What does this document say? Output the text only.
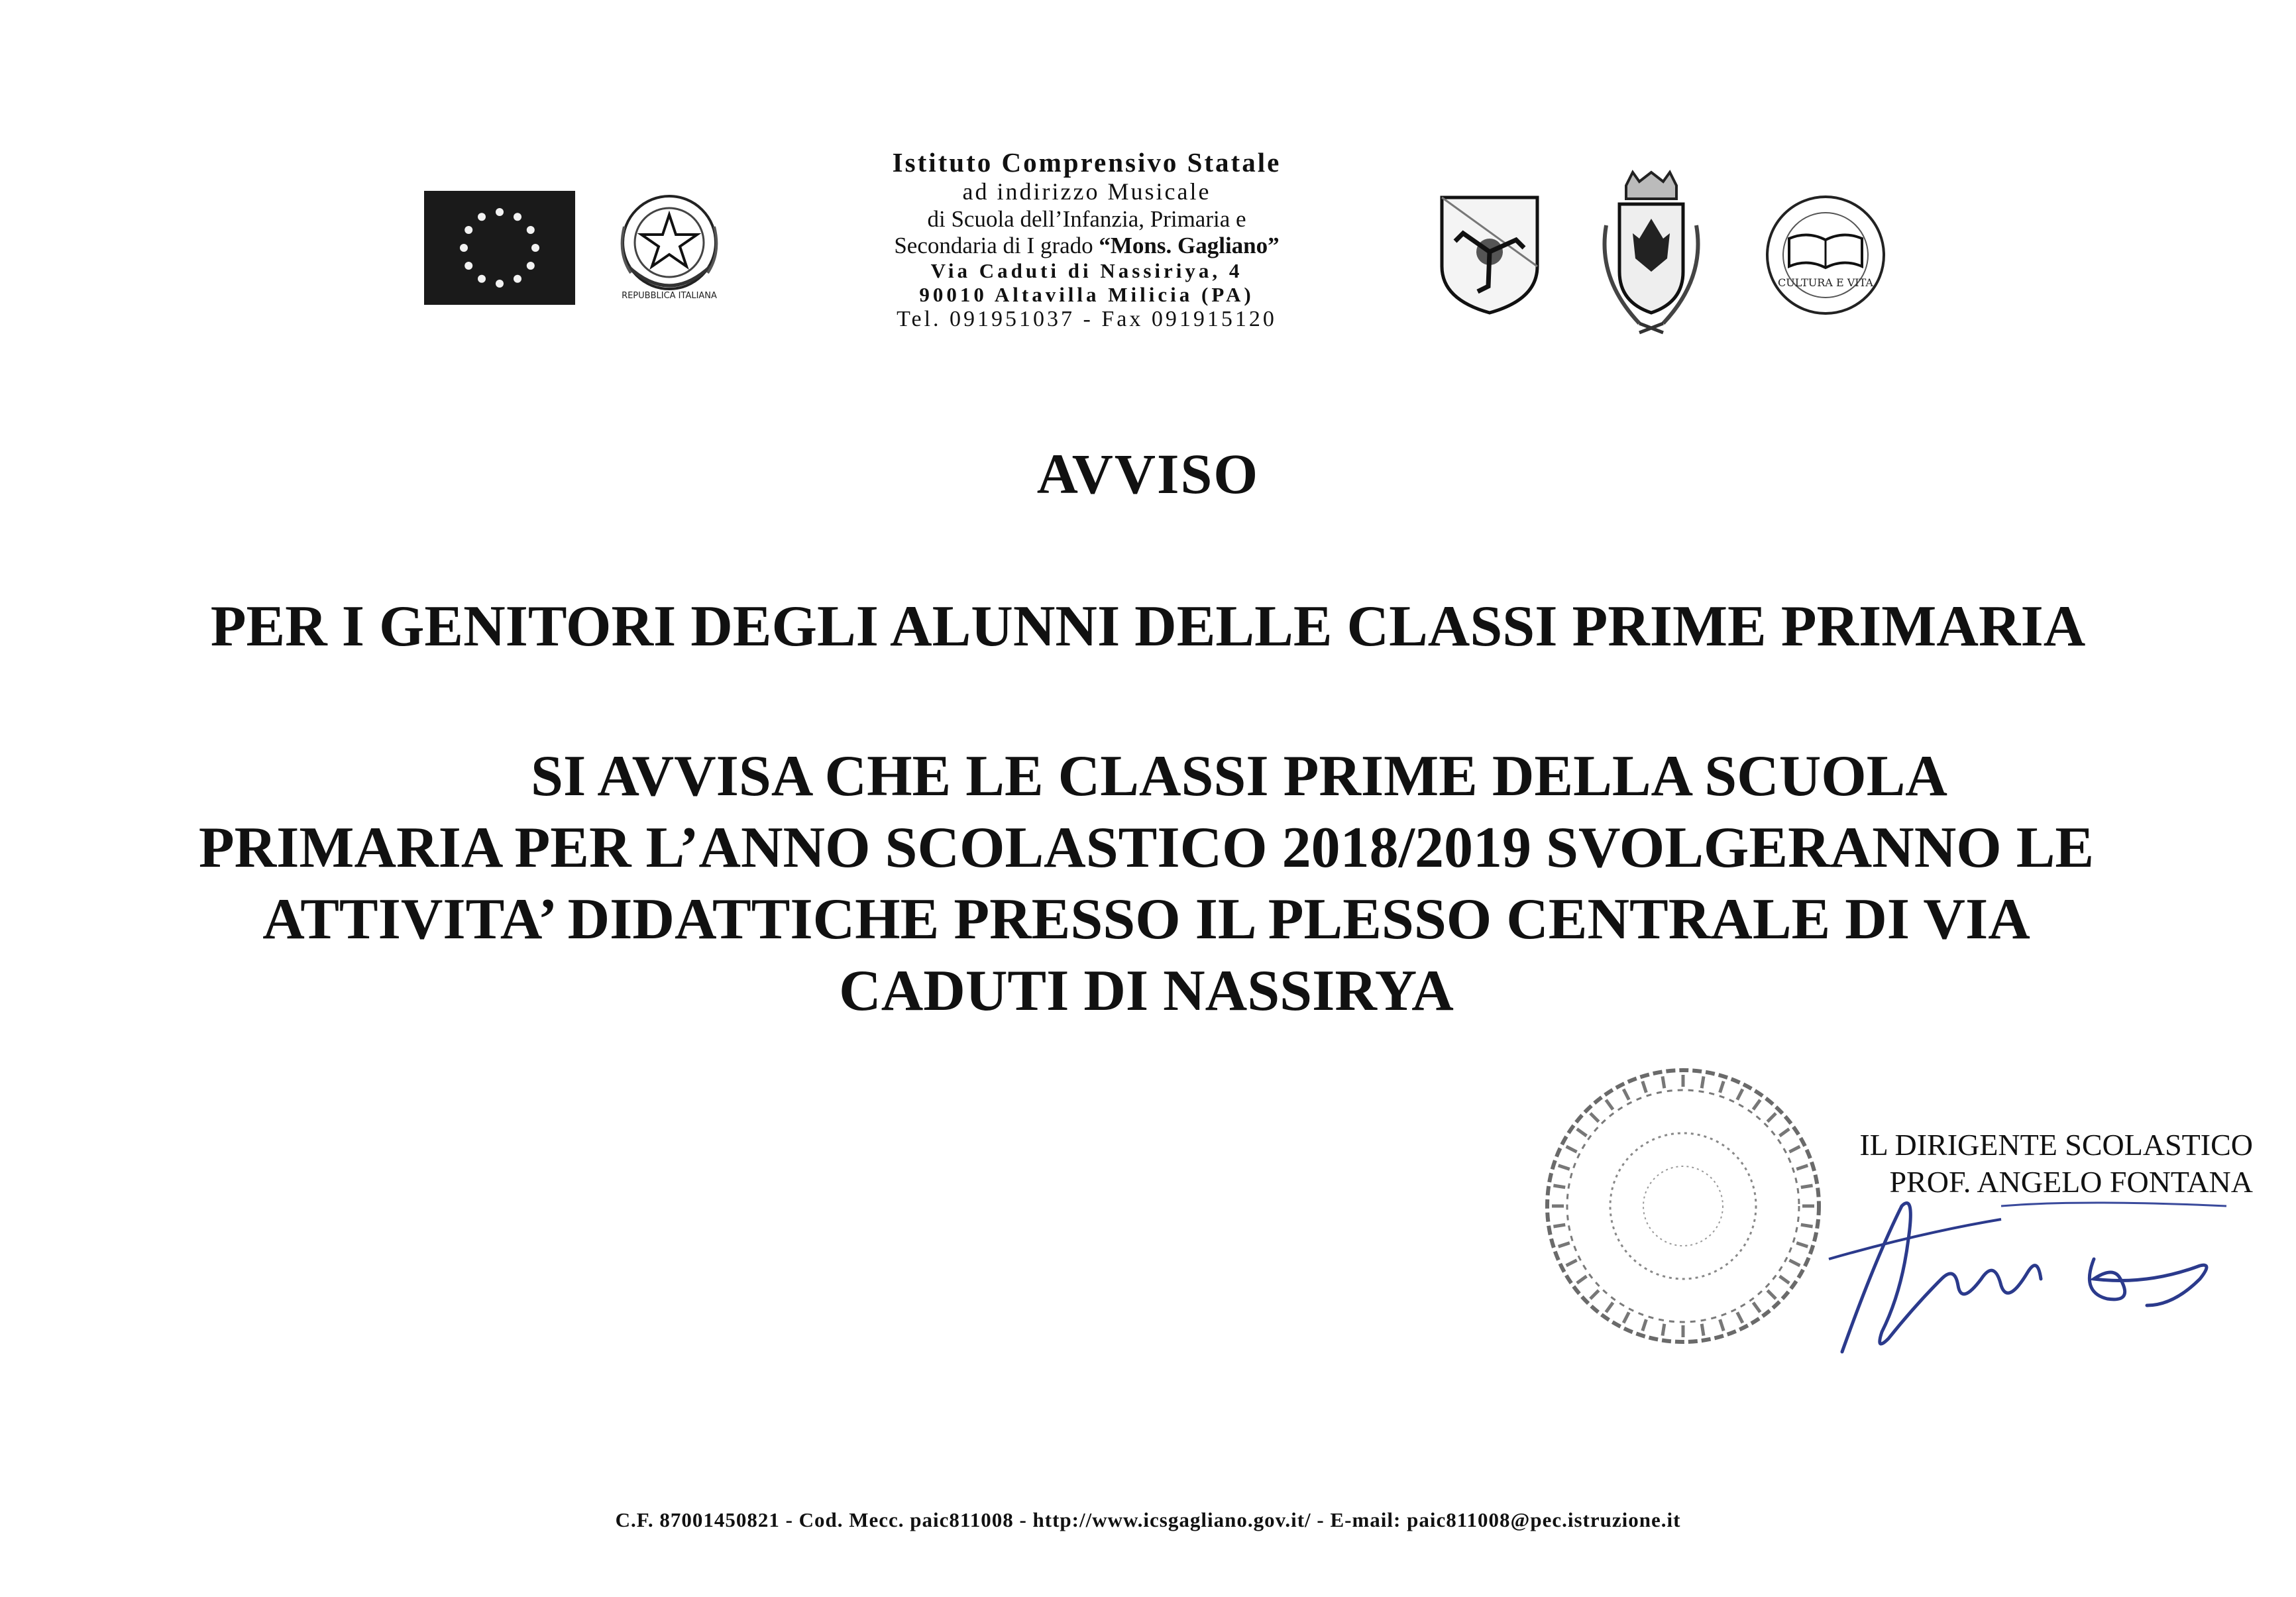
REPUBBLICA ITALIANA
CULTURA E VITA
Istituto Comprensivo Statale
ad indirizzo Musicale
di Scuola dell’Infanzia, Primaria e
Secondaria di I grado “Mons. Gagliano”
Via Caduti di Nassiriya, 4
90010 Altavilla Milicia (PA)
Tel. 091951037 - Fax 091915120
AVVISO
PER I GENITORI DEGLI ALUNNI DELLE CLASSI PRIME PRIMARIA
SI AVVISA CHE LE CLASSI PRIME DELLA SCUOLA
PRIMARIA PER L’ANNO SCOLASTICO 2018/2019 SVOLGERANNO LE
ATTIVITA’ DIDATTICHE PRESSO IL PLESSO CENTRALE DI VIA
CADUTI DI NASSIRYA
IL DIRIGENTE SCOLASTICO
PROF. ANGELO FONTANA
C.F. 87001450821 - Cod. Mecc. paic811008 - http://www.icsgagliano.gov.it/ - E-mail: paic811008@pec.istruzione.it
